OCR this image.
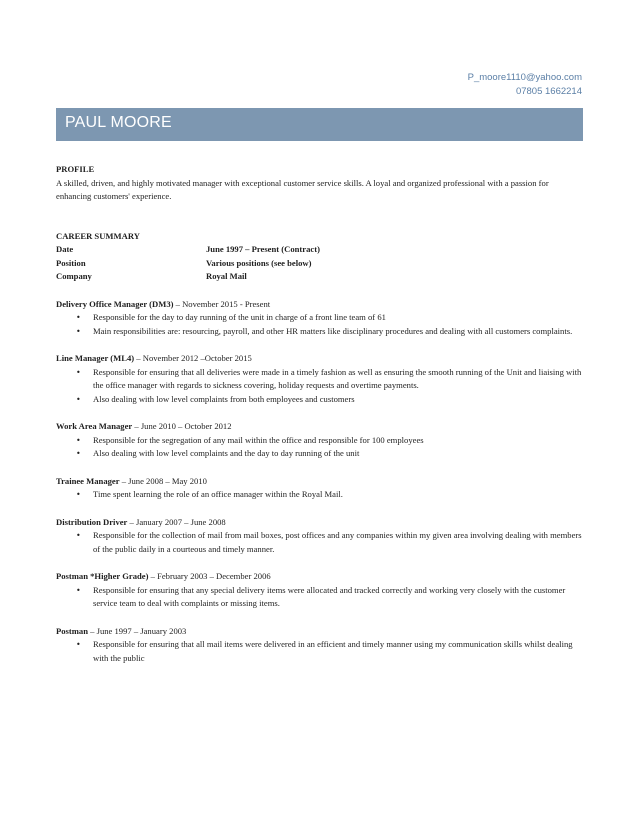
P_moore1110@yahoo.com
07805 1662214
PAUL MOORE
PROFILE

A skilled, driven, and highly motivated manager with exceptional customer service skills. A loyal and organized professional with a passion for enhancing customers' experience.

CAREER SUMMARY
Date	June 1997 – Present (Contract)
Position	Various positions (see below)
Company	Royal Mail
Delivery Office Manager (DM3) – November 2015 - Present
• Responsible for the day to day running of the unit in charge of a front line team of 61
• Main responsibilities are: resourcing, payroll, and other HR matters like disciplinary procedures and dealing with all customers complaints.
Line Manager (ML4) – November 2012 –October 2015
• Responsible for ensuring that all deliveries were made in a timely fashion as well as ensuring the smooth running of the Unit and liaising with the office manager with regards to sickness covering, holiday requests and overtime payments.
• Also dealing with low level complaints from both employees and customers
Work Area Manager – June 2010 – October 2012
• Responsible for the segregation of any mail within the office and responsible for 100 employees
• Also dealing with low level complaints and the day to day running of the unit
Trainee Manager – June 2008 – May 2010
• Time spent learning the role of an office manager within the Royal Mail.
Distribution Driver – January 2007 – June 2008
• Responsible for the collection of mail from mail boxes, post offices and any companies within my given area involving dealing with members of the public daily in a courteous and timely manner.
Postman *Higher Grade) – February 2003 – December 2006
• Responsible for ensuring that any special delivery items were allocated and tracked correctly and working very closely with the customer service team to deal with complaints or missing items.
Postman – June 1997 – January 2003
• Responsible for ensuring that all mail items were delivered in an efficient and timely manner using my communication skills whilst dealing with the public
